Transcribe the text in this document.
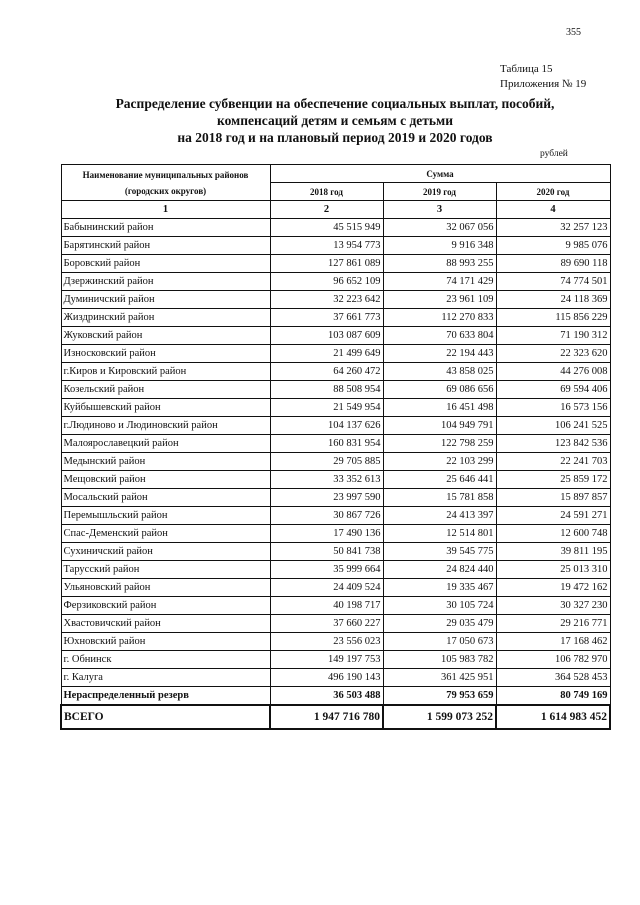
355
Таблица 15
Приложения № 19
Распределение субвенции на обеспечение социальных выплат, пособий,
компенсаций детям и семьям с детьми
на 2018 год и на плановый период 2019 и 2020 годов
рублей
Наименование муниципальных районов (городских округов)	Сумма		
	2018 год	2019 год	2020 год
1	2	3	4
Бабынинский район	45 515 949	32 067 056	32 257 123
Барятинский район	13 954 773	9 916 348	9 985 076
Боровский район	127 861 089	88 993 255	89 690 118
Дзержинский район	96 652 109	74 171 429	74 774 501
Думиничский район	32 223 642	23 961 109	24 118 369
Жиздринский район	37 661 773	112 270 833	115 856 229
Жуковский район	103 087 609	70 633 804	71 190 312
Износковский район	21 499 649	22 194 443	22 323 620
г.Киров и Кировский район	64 260 472	43 858 025	44 276 008
Козельский район	88 508 954	69 086 656	69 594 406
Куйбышевский район	21 549 954	16 451 498	16 573 156
г.Людиново и Людиновский район	104 137 626	104 949 791	106 241 525
Малоярославецкий район	160 831 954	122 798 259	123 842 536
Медынский район	29 705 885	22 103 299	22 241 703
Мещовский район	33 352 613	25 646 441	25 859 172
Мосальский район	23 997 590	15 781 858	15 897 857
Перемышльский район	30 867 726	24 413 397	24 591 271
Спас-Деменский район	17 490 136	12 514 801	12 600 748
Сухиничский район	50 841 738	39 545 775	39 811 195
Тарусский район	35 999 664	24 824 440	25 013 310
Ульяновский район	24 409 524	19 335 467	19 472 162
Ферзиковский район	40 198 717	30 105 724	30 327 230
Хвастовичский район	37 660 227	29 035 479	29 216 771
Юхновский район	23 556 023	17 050 673	17 168 462
г. Обнинск	149 197 753	105 983 782	106 782 970
г. Калуга	496 190 143	361 425 951	364 528 453
Нераспределенный резерв	36 503 488	79 953 659	80 749 169
ВСЕГО	1 947 716 780	1 599 073 252	1 614 983 452
